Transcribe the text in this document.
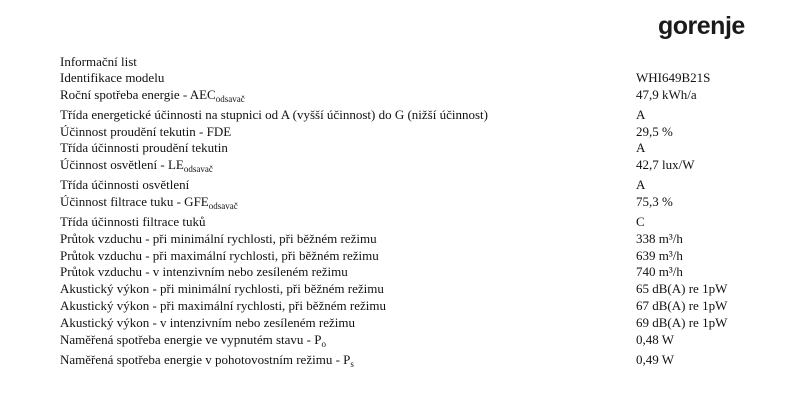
gorenje
Informační list
Identifikace modelu	WHI649B21S
Roční spotřeba energie - $AEC_{odsavač}$	47,9 kWh/a
Třída energetické účinnosti na stupnici od A (vyšší účinnost) do G (nižší účinnost)	A
Účinnost proudění tekutin - FDE	29,5 %
Třída účinnosti proudění tekutin	A
Účinnost osvětlení - $LE_{odsavač}$	42,7 lux/W
Třída účinnosti osvětlení	A
Účinnost filtrace tuku - $GFE_{odsavač}$	75,3 %
Třída účinnosti filtrace tuků	C
Průtok vzduchu - při minimální rychlosti, při běžném režimu	338 m³/h
Průtok vzduchu - při maximální rychlosti, při běžném režimu	639 m³/h
Průtok vzduchu - v intenzivním nebo zesíleném režimu	740 m³/h
Akustický výkon - při minimální rychlosti, při běžném režimu	65 dB(A) re 1pW
Akustický výkon - při maximální rychlosti, při běžném režimu	67 dB(A) re 1pW
Akustický výkon - v intenzivním nebo zesíleném režimu	69 dB(A) re 1pW
Naměřená spotřeba energie ve vypnutém stavu - $P_o$	0,48 W
Naměřená spotřeba energie v pohotovostním režimu - $P_s$	0,49 W
